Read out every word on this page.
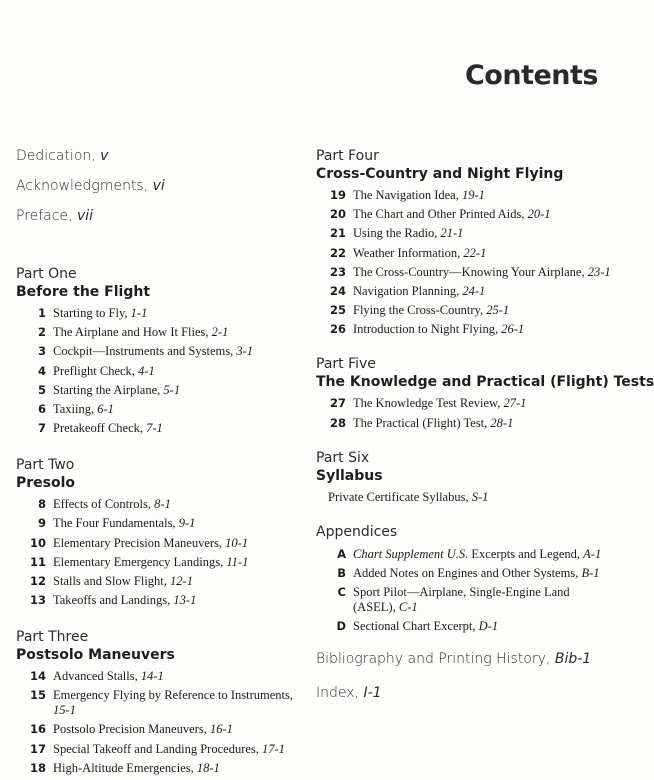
Contents
Dedication, v
Acknowledgments, vi
Preface, vii
Part One
Before the Flight
1 Starting to Fly, 1-1
2 The Airplane and How It Flies, 2-1
3 Cockpit—Instruments and Systems, 3-1
4 Preflight Check, 4-1
5 Starting the Airplane, 5-1
6 Taxiing, 6-1
7 Pretakeoff Check, 7-1
Part Two
Presolo
8 Effects of Controls, 8-1
9 The Four Fundamentals, 9-1
10 Elementary Precision Maneuvers, 10-1
11 Elementary Emergency Landings, 11-1
12 Stalls and Slow Flight, 12-1
13 Takeoffs and Landings, 13-1
Part Three
Postsolo Maneuvers
14 Advanced Stalls, 14-1
15 Emergency Flying by Reference to Instruments, 15-1
16 Postsolo Precision Maneuvers, 16-1
17 Special Takeoff and Landing Procedures, 17-1
18 High-Altitude Emergencies, 18-1
Part Four
Cross-Country and Night Flying
19 The Navigation Idea, 19-1
20 The Chart and Other Printed Aids, 20-1
21 Using the Radio, 21-1
22 Weather Information, 22-1
23 The Cross-Country—Knowing Your Airplane, 23-1
24 Navigation Planning, 24-1
25 Flying the Cross-Country, 25-1
26 Introduction to Night Flying, 26-1
Part Five
The Knowledge and Practical (Flight) Tests
27 The Knowledge Test Review, 27-1
28 The Practical (Flight) Test, 28-1
Part Six
Syllabus
Private Certificate Syllabus, S-1
Appendices
A Chart Supplement U.S. Excerpts and Legend, A-1
B Added Notes on Engines and Other Systems, B-1
C Sport Pilot—Airplane, Single-Engine Land (ASEL), C-1
D Sectional Chart Excerpt, D-1
Bibliography and Printing History, Bib-1
Index, I-1
